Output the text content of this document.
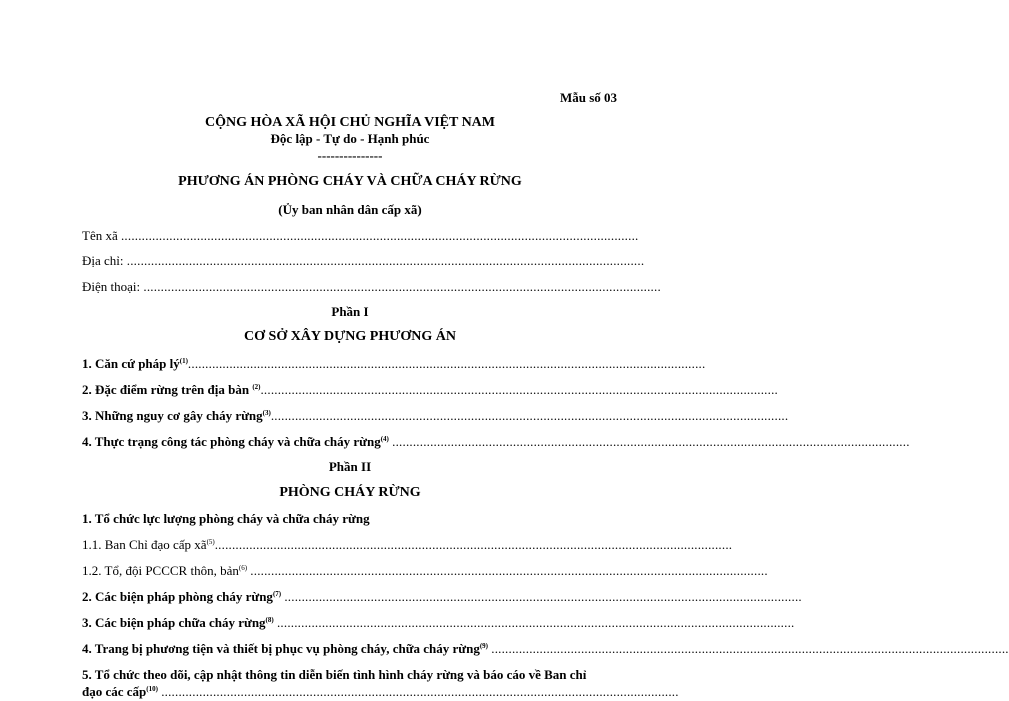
Mẫu số 03
CỘNG HÒA XÃ HỘI CHỦ NGHĨA VIỆT NAM
Độc lập - Tự do - Hạnh phúc
---------------
PHƯƠNG ÁN PHÒNG CHÁY VÀ CHỮA CHÁY RỪNG
(Ủy ban nhân dân cấp xã)
Tên xã ......................................................................................................................................................
Địa chỉ: ......................................................................................................................................................
Điện thoại: ......................................................................................................................................................
Phần I
CƠ SỞ XÂY DỰNG PHƯƠNG ÁN
1. Căn cứ pháp $lý^{(1)}$......................................................................................................................................................
2. Đặc điểm rừng trên địa bàn $^{(2)}$......................................................................................................................................................
3. Những nguy cơ gây cháy rừng$^{(3)}$......................................................................................................................................................
4. Thực trạng công tác phòng cháy và chữa cháy rừng$^{(4)}$ ......................................................................................................................................................
Phần II
PHÒNG CHÁY RỪNG
1. Tổ chức lực lượng phòng cháy và chữa cháy rừng
1.1. Ban Chỉ đạo cấp $xã^{(5)}$......................................................................................................................................................
1.2. Tổ, đội PCCCR thôn, bản$^{(6)}$ ......................................................................................................................................................
2. Các biện pháp phòng cháy rừng$^{(7)}$ ......................................................................................................................................................
3. Các biện pháp chữa cháy rừng$^{(8)}$ ......................................................................................................................................................
4. Trang bị phương tiện và thiết bị phục vụ phòng cháy, chữa cháy rừng$^{(9)}$ ......................................................................................................................................................
5. Tổ chức theo dõi, cập nhật thông tin diễn biến tình hình cháy rừng và báo cáo về Ban chỉ
đạo các cấp$^{(10)}$ ......................................................................................................................................................
